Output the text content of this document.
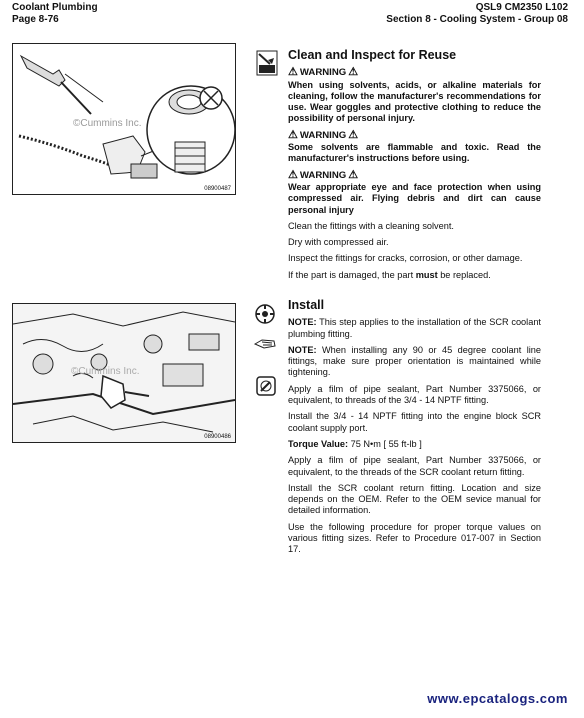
Coolant Plumbing
Page 8-76
QSL9 CM2350 L102
Section 8 - Cooling System - Group 08
©Cummins Inc.
08900487
Clean and Inspect for Reuse
⚠ WARNING ⚠
When using solvents, acids, or alkaline materials for cleaning, follow the manufacturer's recommendations for use. Wear goggles and protective clothing to reduce the possibility of personal injury.
⚠ WARNING ⚠
Some solvents are flammable and toxic. Read the manufacturer's instructions before using.
⚠ WARNING ⚠
Wear appropriate eye and face protection when using compressed air. Flying debris and dirt can cause personal injury
Clean the fittings with a cleaning solvent.
Dry with compressed air.
Inspect the fittings for cracks, corrosion, or other damage.
If the part is damaged, the part must be replaced.
©Cummins Inc.
08900486
Install
NOTE: This step applies to the installation of the SCR coolant plumbing fitting.
NOTE: When installing any 90 or 45 degree coolant line fittings, make sure proper orientation is maintained while tightening.
Apply a film of pipe sealant, Part Number 3375066, or equivalent, to threads of the 3/4 - 14 NPTF fitting.
Install the 3/4 - 14 NPTF fitting into the engine block SCR coolant supply port.
Torque Value: 75 N•m [ 55 ft-lb ]
Apply a film of pipe sealant, Part Number 3375066, or equivalent, to the threads of the SCR coolant return fitting.
Install the SCR coolant return fitting. Location and size depends on the OEM. Refer to the OEM sevice manual for detailed information.
Use the following procedure for proper torque values on various fitting sizes. Refer to Procedure 017-007 in Section 17.
www.epcatalogs.com
